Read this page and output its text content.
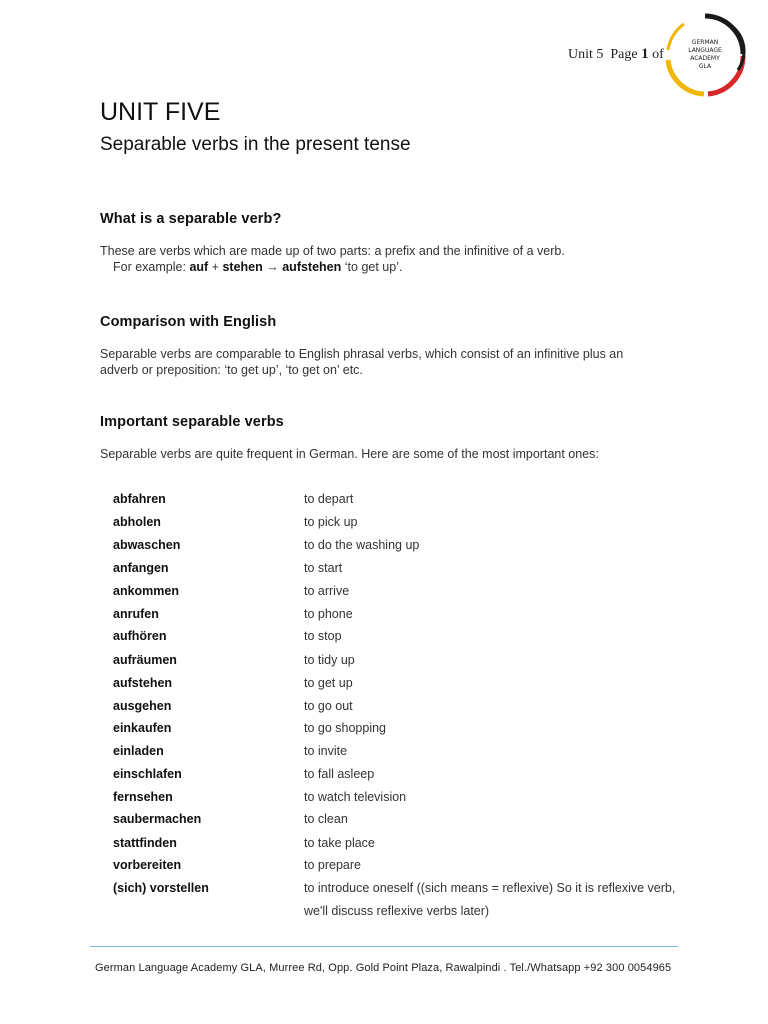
Unit 5 Page 1 of
GERMAN
LANGUAGE
ACADEMY
GLA
UNIT FIVE
Separable verbs in the present tense
What is a separable verb?

These are verbs which are made up of two parts: a prefix and the infinitive of a verb.

For example: auf + stehen → aufstehen ‘to get up’.

Comparison with English

Separable verbs are comparable to English phrasal verbs, which consist of an infinitive plus an

adverb or preposition: ‘to get up’, ‘to get on’ etc.

Important separable verbs

Separable verbs are quite frequent in German. Here are some of the most important ones:

abfahren	to depart
abholen	to pick up
abwaschen	to do the washing up
anfangen	to start
ankommen	to arrive
anrufen	to phone
aufhören	to stop
aufräumen	to tidy up
aufstehen	to get up
ausgehen	to go out
einkaufen	to go shopping
einladen	to invite
einschlafen	to fall asleep
fernsehen	to watch television
saubermachen	to clean
stattfinden	to take place
vorbereiten	to prepare
(sich) vorstellen	to introduce oneself ((sich means = reflexive) So it is reflexive verb,
we'll discuss reflexive verbs later)
German Language Academy GLA, Murree Rd, Opp. Gold Point Plaza, Rawalpindi . Tel./Whatsapp +92 300 0054965
